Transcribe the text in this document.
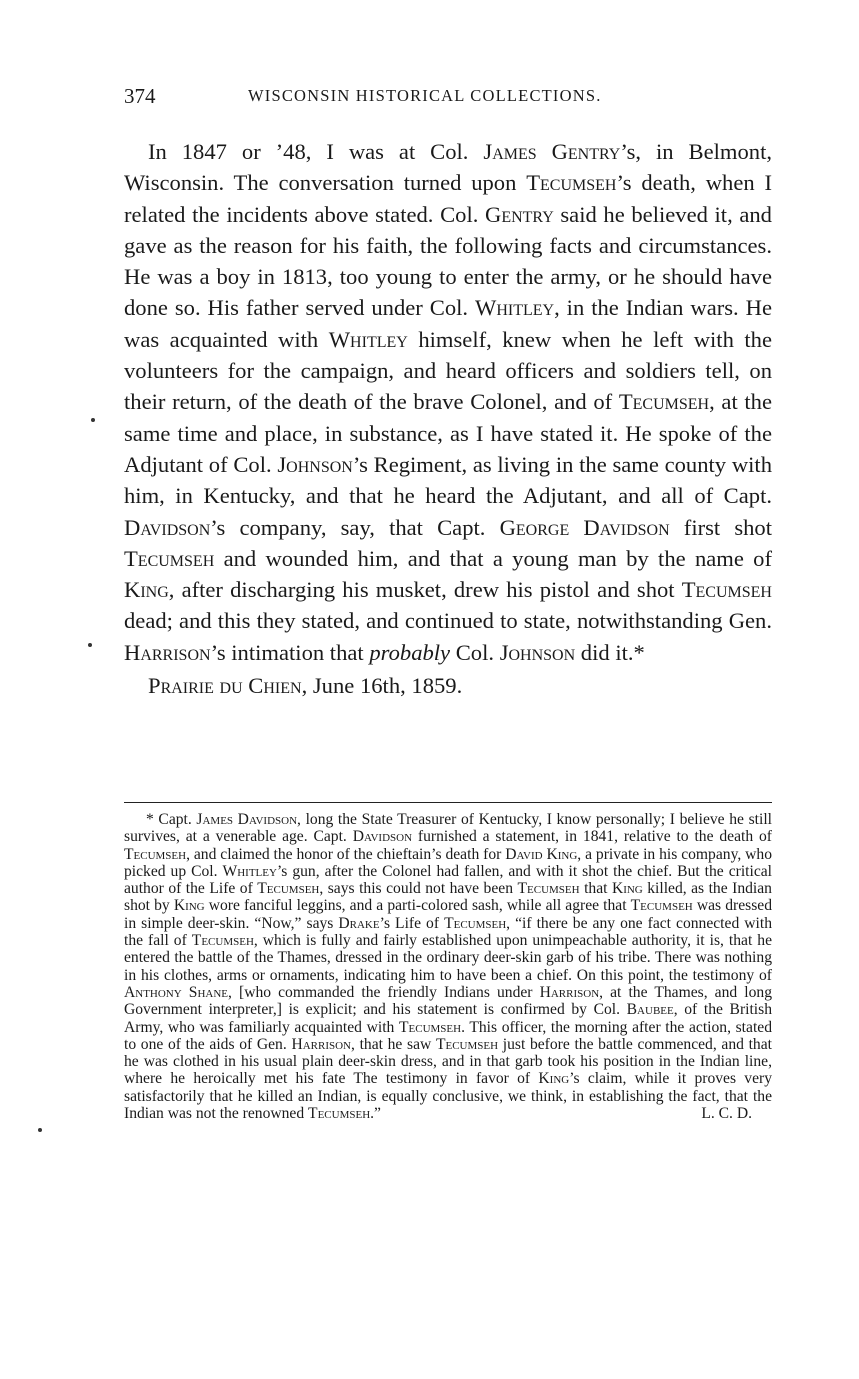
374	WISCONSIN HISTORICAL COLLECTIONS.

In 1847 or ’48, I was at Col. James Gentry’s, in Belmont, Wisconsin. The conversation turned upon Tecumseh’s death, when I related the incidents above stated. Col. Gentry said he believed it, and gave as the reason for his faith, the following facts and circumstances. He was a boy in 1813, too young to enter the army, or he should have done so. His father served under Col. Whitley, in the Indian wars. He was acquainted with Whitley himself, knew when he left with the volunteers for the campaign, and heard officers and soldiers tell, on their return, of the death of the brave Colonel, and of Tecumseh, at the same time and place, in substance, as I have stated it. He spoke of the Adjutant of Col. Johnson’s Regiment, as living in the same county with him, in Kentucky, and that he heard the Adjutant, and all of Capt. Davidson’s company, say, that Capt. George Davidson first shot Tecumseh and wounded him, and that a young man by the name of King, after discharging his musket, drew his pistol and shot Tecumseh dead; and this they stated, and continued to state, notwithstanding Gen. Harrison’s intimation that probably Col. Johnson did it.*

Prairie du Chien, June 16th, 1859.

* Capt. James Davidson, long the State Treasurer of Kentucky, I know personally; I believe he still survives, at a venerable age. Capt. Davidson furnished a statement, in 1841, relative to the death of Tecumseh, and claimed the honor of the chieftain’s death for David King, a private in his company, who picked up Col. Whitley’s gun, after the Colonel had fallen, and with it shot the chief. But the critical author of the Life of Tecumseh, says this could not have been Tecumseh that King killed, as the Indian shot by King wore fanciful leggins, and a parti-colored sash, while all agree that Tecumseh was dressed in simple deer-skin. “Now,” says Drake’s Life of Tecumseh, “if there be any one fact connected with the fall of Tecumseh, which is fully and fairly established upon unimpeachable authority, it is, that he entered the battle of the Thames, dressed in the ordinary deer-skin garb of his tribe. There was nothing in his clothes, arms or ornaments, indicating him to have been a chief. On this point, the testimony of Anthony Shane, [who commanded the friendly Indians under Harrison, at the Thames, and long Government interpreter,] is explicit; and his statement is confirmed by Col. Baubee, of the British Army, who was familiarly acquainted with Tecumseh. This officer, the morning after the action, stated to one of the aids of Gen. Harrison, that he saw Tecumseh just before the battle commenced, and that he was clothed in his usual plain deer-skin dress, and in that garb took his position in the Indian line, where he heroically met his fate The testimony in favor of King’s claim, while it proves very satisfactorily that he killed an Indian, is equally conclusive, we think, in establishing the fact, that the Indian was not the renowned Tecumseh.”	L. C. D.
